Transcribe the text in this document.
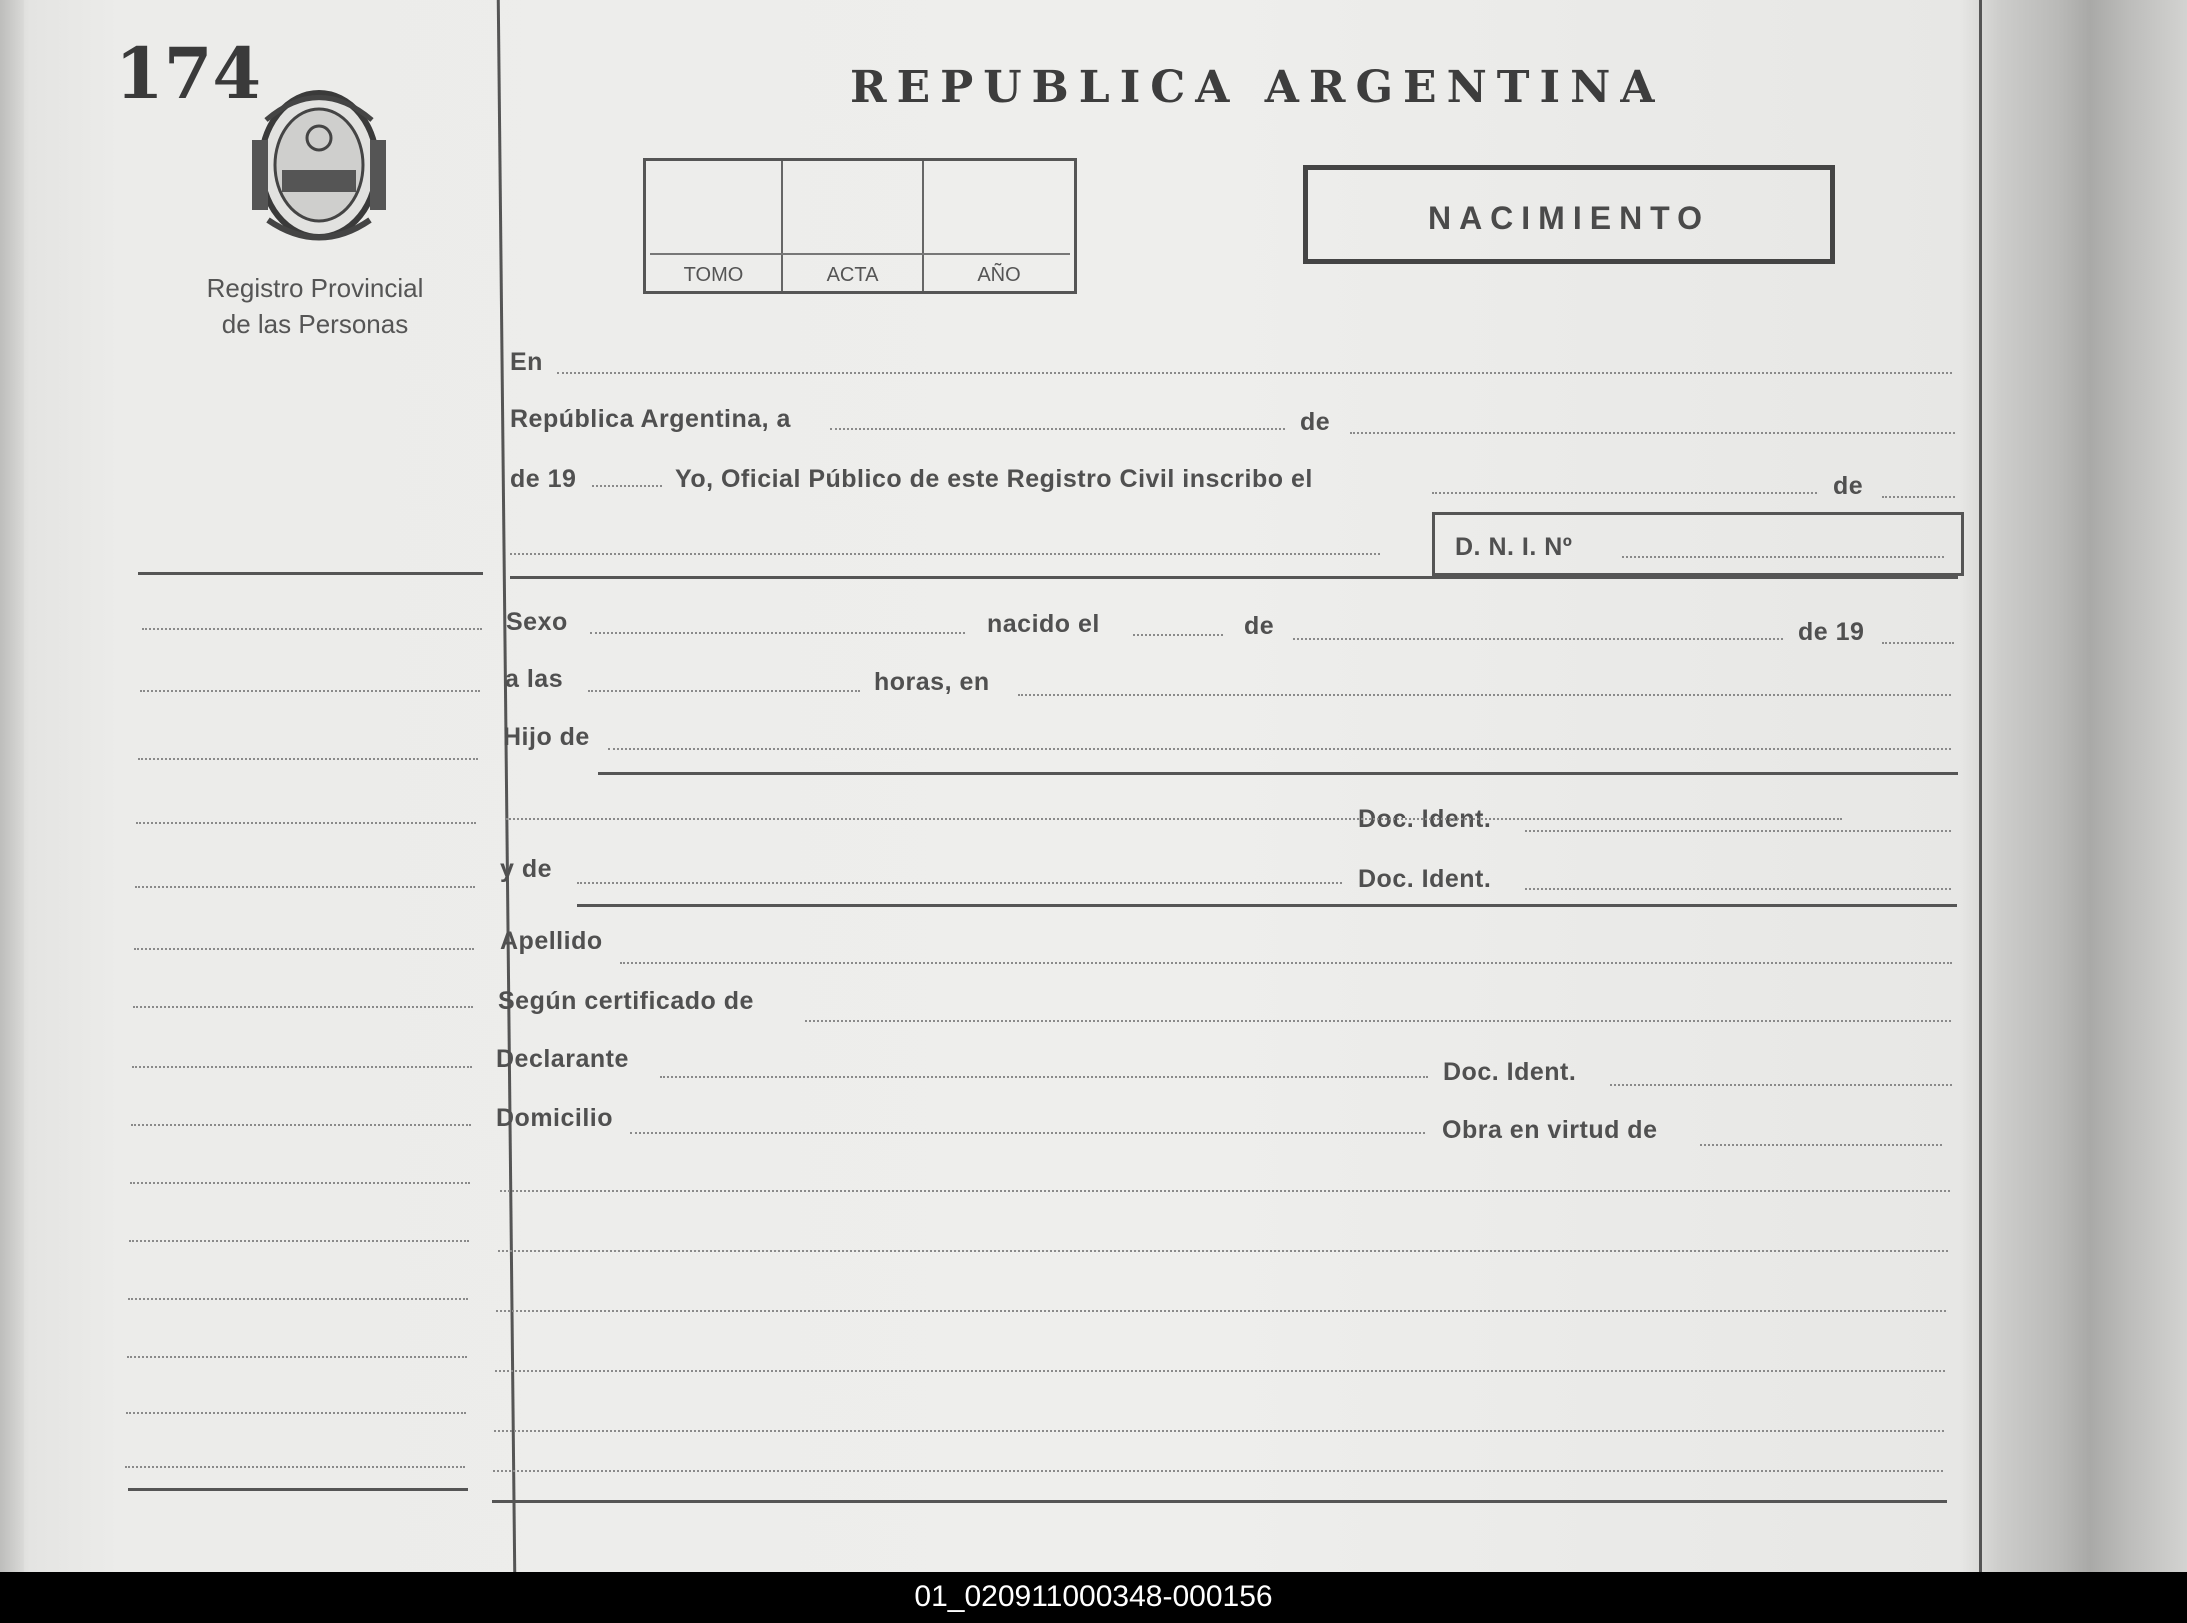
174
Registro Provincial
de las Personas
REPUBLICA ARGENTINA
TOMO	ACTA	AÑO
NACIMIENTO
En
República Argentina, a	de
de 19	Yo, Oficial Público de este Registro Civil inscribo el	de
D. N. I. Nº
Sexo	nacido el	de	de 19
a las	horas, en
Hijo de
Doc. Ident.
y de	Doc. Ident.
Apellido
Según certificado de
Declarante	Doc. Ident.
Domicilio	Obra en virtud de
01_020911000348-000156
